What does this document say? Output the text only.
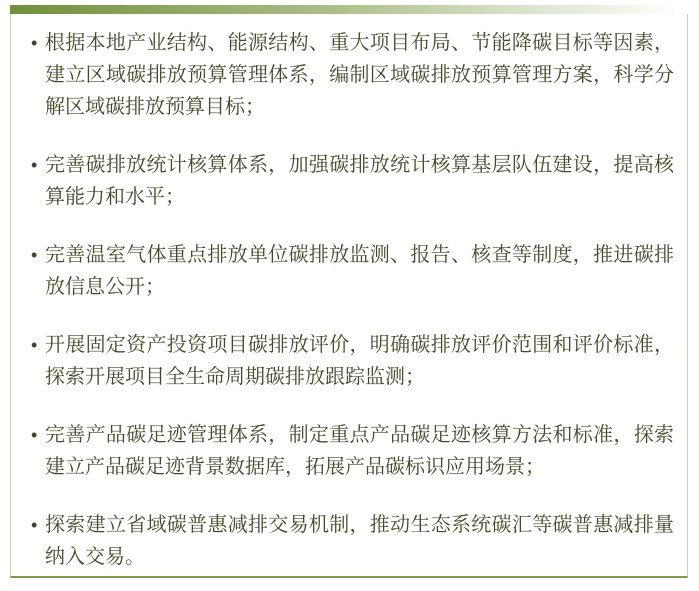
• 根据本地产业结构、能源结构、重大项目布局、节能降碳目标等因素，建立区域碳排放预算管理体系，编制区域碳排放预算管理方案，科学分解区域碳排放预算目标；
• 完善碳排放统计核算体系，加强碳排放统计核算基层队伍建设，提高核算能力和水平；
• 完善温室气体重点排放单位碳排放监测、报告、核查等制度，推进碳排放信息公开；
• 开展固定资产投资项目碳排放评价，明确碳排放评价范围和评价标准，探索开展项目全生命周期碳排放跟踪监测；
• 完善产品碳足迹管理体系，制定重点产品碳足迹核算方法和标准，探索建立产品碳足迹背景数据库，拓展产品碳标识应用场景；
• 探索建立省域碳普惠减排交易机制，推动生态系统碳汇等碳普惠减排量纳入交易。
